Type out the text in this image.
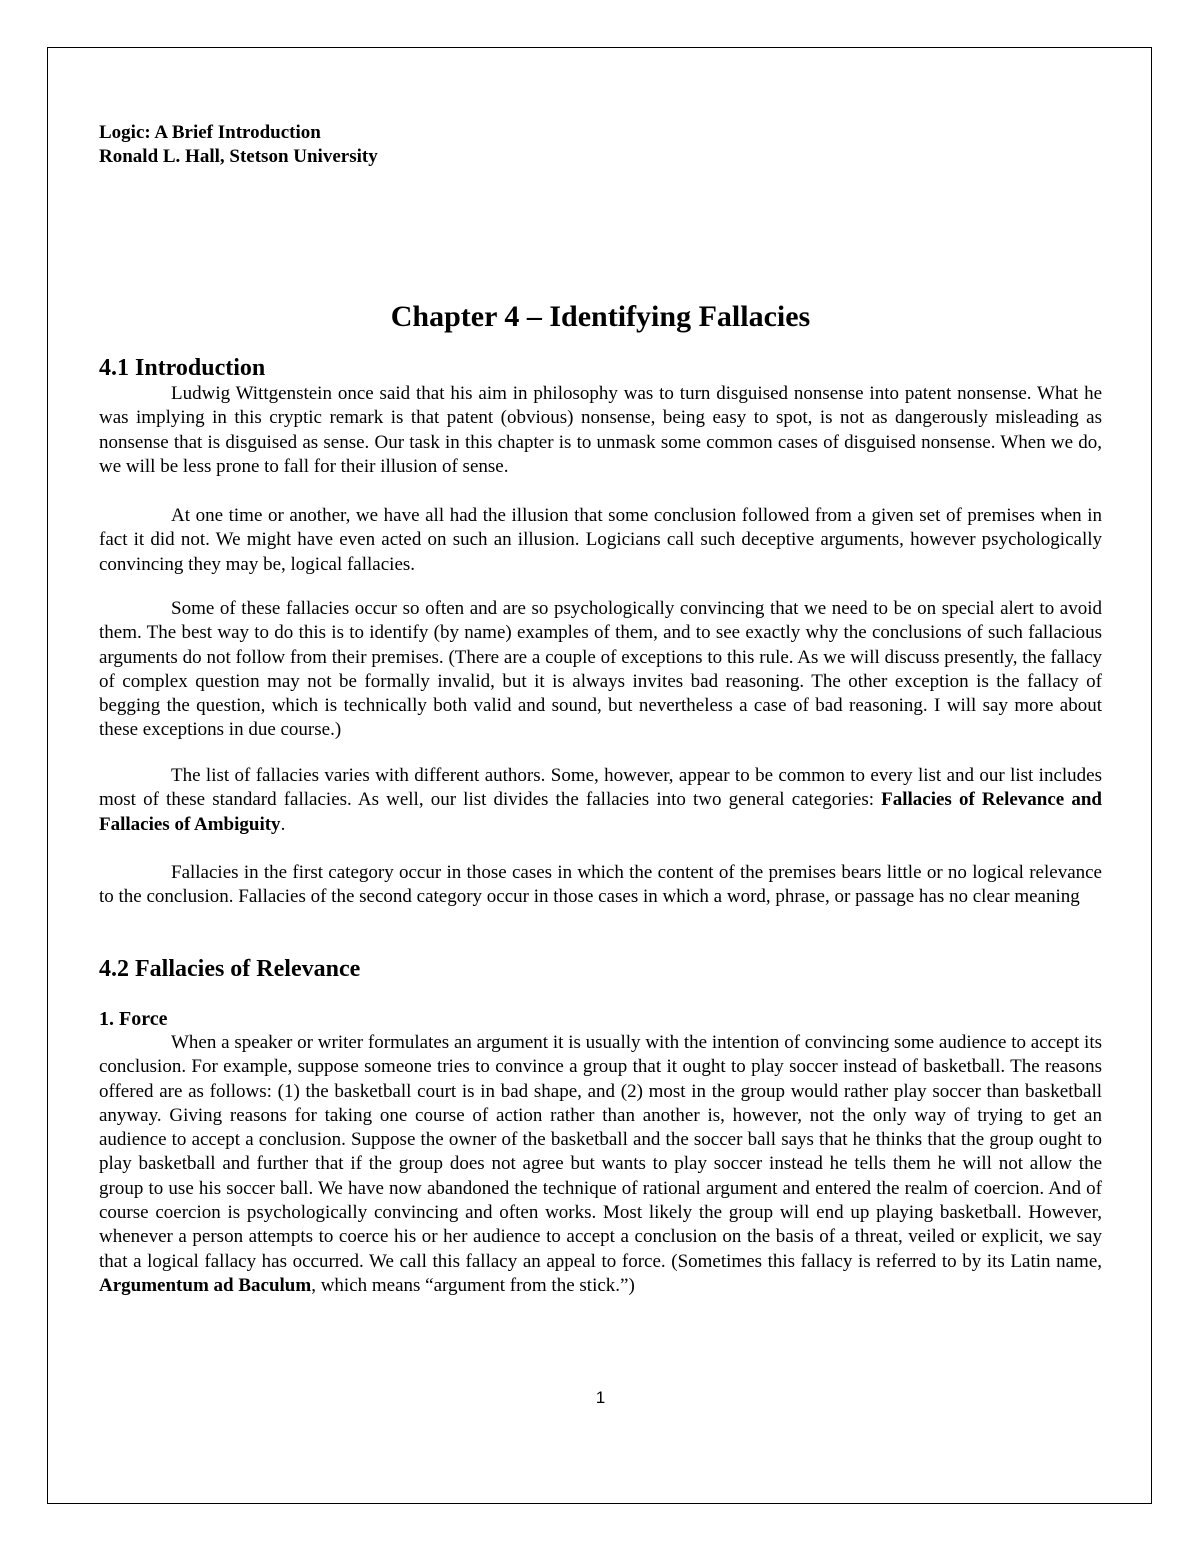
Logic: A Brief Introduction
Ronald L. Hall, Stetson University
Chapter 4 – Identifying Fallacies
4.1 Introduction

Ludwig Wittgenstein once said that his aim in philosophy was to turn disguised nonsense into patent nonsense. What he was implying in this cryptic remark is that patent (obvious) nonsense, being easy to spot, is not as dangerously misleading as nonsense that is disguised as sense. Our task in this chapter is to unmask some common cases of disguised nonsense. When we do, we will be less prone to fall for their illusion of sense.

At one time or another, we have all had the illusion that some conclusion followed from a given set of premises when in fact it did not. We might have even acted on such an illusion. Logicians call such deceptive arguments, however psychologically convincing they may be, logical fallacies.

Some of these fallacies occur so often and are so psychologically convincing that we need to be on special alert to avoid them. The best way to do this is to identify (by name) examples of them, and to see exactly why the conclusions of such fallacious arguments do not follow from their premises. (There are a couple of exceptions to this rule. As we will discuss presently, the fallacy of complex question may not be formally invalid, but it is always invites bad reasoning. The other exception is the fallacy of begging the question, which is technically both valid and sound, but nevertheless a case of bad reasoning. I will say more about these exceptions in due course.)

The list of fallacies varies with different authors. Some, however, appear to be common to every list and our list includes most of these standard fallacies. As well, our list divides the fallacies into two general categories: Fallacies of Relevance and Fallacies of Ambiguity.

Fallacies in the first category occur in those cases in which the content of the premises bears little or no logical relevance to the conclusion. Fallacies of the second category occur in those cases in which a word, phrase, or passage has no clear meaning

4.2 Fallacies of Relevance
1. Force

When a speaker or writer formulates an argument it is usually with the intention of convincing some audience to accept its conclusion. For example, suppose someone tries to convince a group that it ought to play soccer instead of basketball. The reasons offered are as follows: (1) the basketball court is in bad shape, and (2) most in the group would rather play soccer than basketball anyway. Giving reasons for taking one course of action rather than another is, however, not the only way of trying to get an audience to accept a conclusion. Suppose the owner of the basketball and the soccer ball says that he thinks that the group ought to play basketball and further that if the group does not agree but wants to play soccer instead he tells them he will not allow the group to use his soccer ball. We have now abandoned the technique of rational argument and entered the realm of coercion. And of course coercion is psychologically convincing and often works. Most likely the group will end up playing basketball. However, whenever a person attempts to coerce his or her audience to accept a conclusion on the basis of a threat, veiled or explicit, we say that a logical fallacy has occurred. We call this fallacy an appeal to force. (Sometimes this fallacy is referred to by its Latin name, Argumentum ad Baculum, which means “argument from the stick.”)

1
